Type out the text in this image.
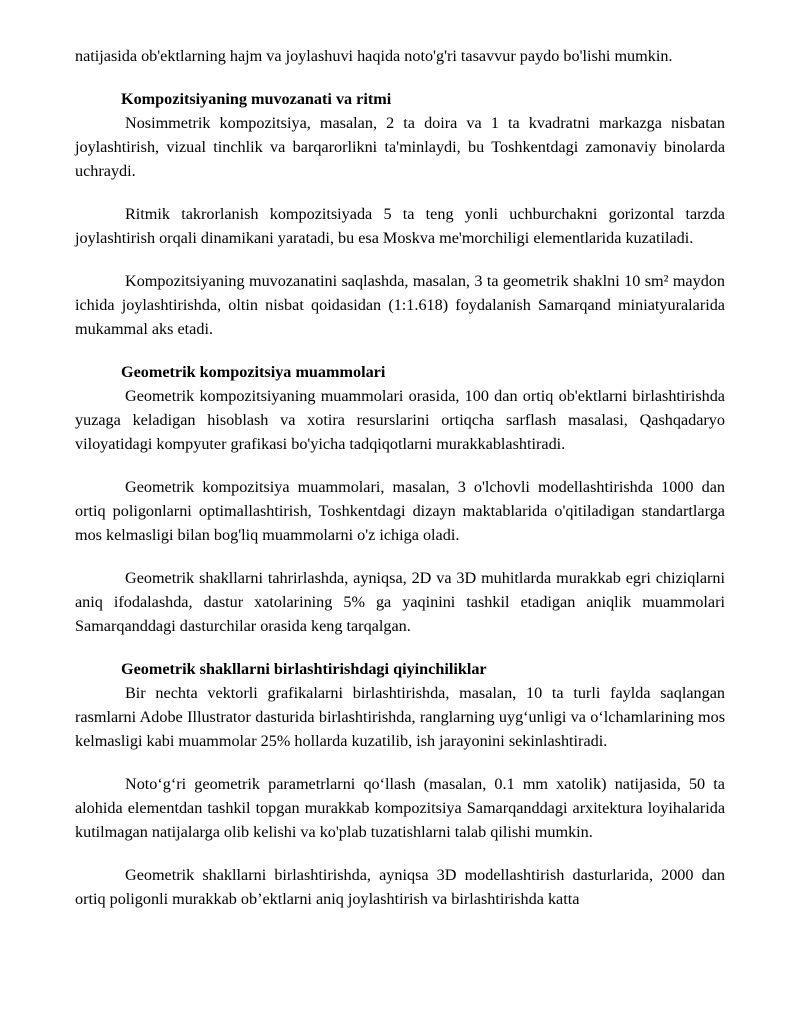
natijasida ob'ektlarning hajm va joylashuvi haqida noto'g'ri tasavvur paydo bo'lishi mumkin.

Kompozitsiyaning muvozanati va ritmi

Nosimmetrik kompozitsiya, masalan, 2 ta doira va 1 ta kvadratni markazga nisbatan joylashtirish, vizual tinchlik va barqarorlikni ta'minlaydi, bu Toshkentdagi zamonaviy binolarda uchraydi.

Ritmik takrorlanish kompozitsiyada 5 ta teng yonli uchburchakni gorizontal tarzda joylashtirish orqali dinamikani yaratadi, bu esa Moskva me'morchiligi elementlarida kuzatiladi.

Kompozitsiyaning muvozanatini saqlashda, masalan, 3 ta geometrik shaklni 10 sm² maydon ichida joylashtirishda, oltin nisbat qoidasidan (1:1.618) foydalanish Samarqand miniatyuralarida mukammal aks etadi.

Geometrik kompozitsiya muammolari

Geometrik kompozitsiyaning muammolari orasida, 100 dan ortiq ob'ektlarni birlashtirishda yuzaga keladigan hisoblash va xotira resurslarini ortiqcha sarflash masalasi, Qashqadaryo viloyatidagi kompyuter grafikasi bo'yicha tadqiqotlarni murakkablashtiradi.

Geometrik kompozitsiya muammolari, masalan, 3 o'lchovli modellashtirishda 1000 dan ortiq poligonlarni optimallashtirish, Toshkentdagi dizayn maktablarida o'qitiladigan standartlarga mos kelmasligi bilan bog'liq muammolarni o'z ichiga oladi.

Geometrik shakllarni tahrirlashda, ayniqsa, 2D va 3D muhitlarda murakkab egri chiziqlarni aniq ifodalashda, dastur xatolarining 5% ga yaqinini tashkil etadigan aniqlik muammolari Samarqanddagi dasturchilar orasida keng tarqalgan.

Geometrik shakllarni birlashtirishdagi qiyinchiliklar

Bir nechta vektorli grafikalarni birlashtirishda, masalan, 10 ta turli faylda saqlangan rasmlarni Adobe Illustrator dasturida birlashtirishda, ranglarning uyg‘unligi va o‘lchamlarining mos kelmasligi kabi muammolar 25% hollarda kuzatilib, ish jarayonini sekinlashtiradi.

Noto‘g‘ri geometrik parametrlarni qo‘llash (masalan, 0.1 mm xatolik) natijasida, 50 ta alohida elementdan tashkil topgan murakkab kompozitsiya Samarqanddagi arxitektura loyihalarida kutilmagan natijalarga olib kelishi va ko'plab tuzatishlarni talab qilishi mumkin.

Geometrik shakllarni birlashtirishda, ayniqsa 3D modellashtirish dasturlarida, 2000 dan ortiq poligonli murakkab ob’ektlarni aniq joylashtirish va birlashtirishda katta
